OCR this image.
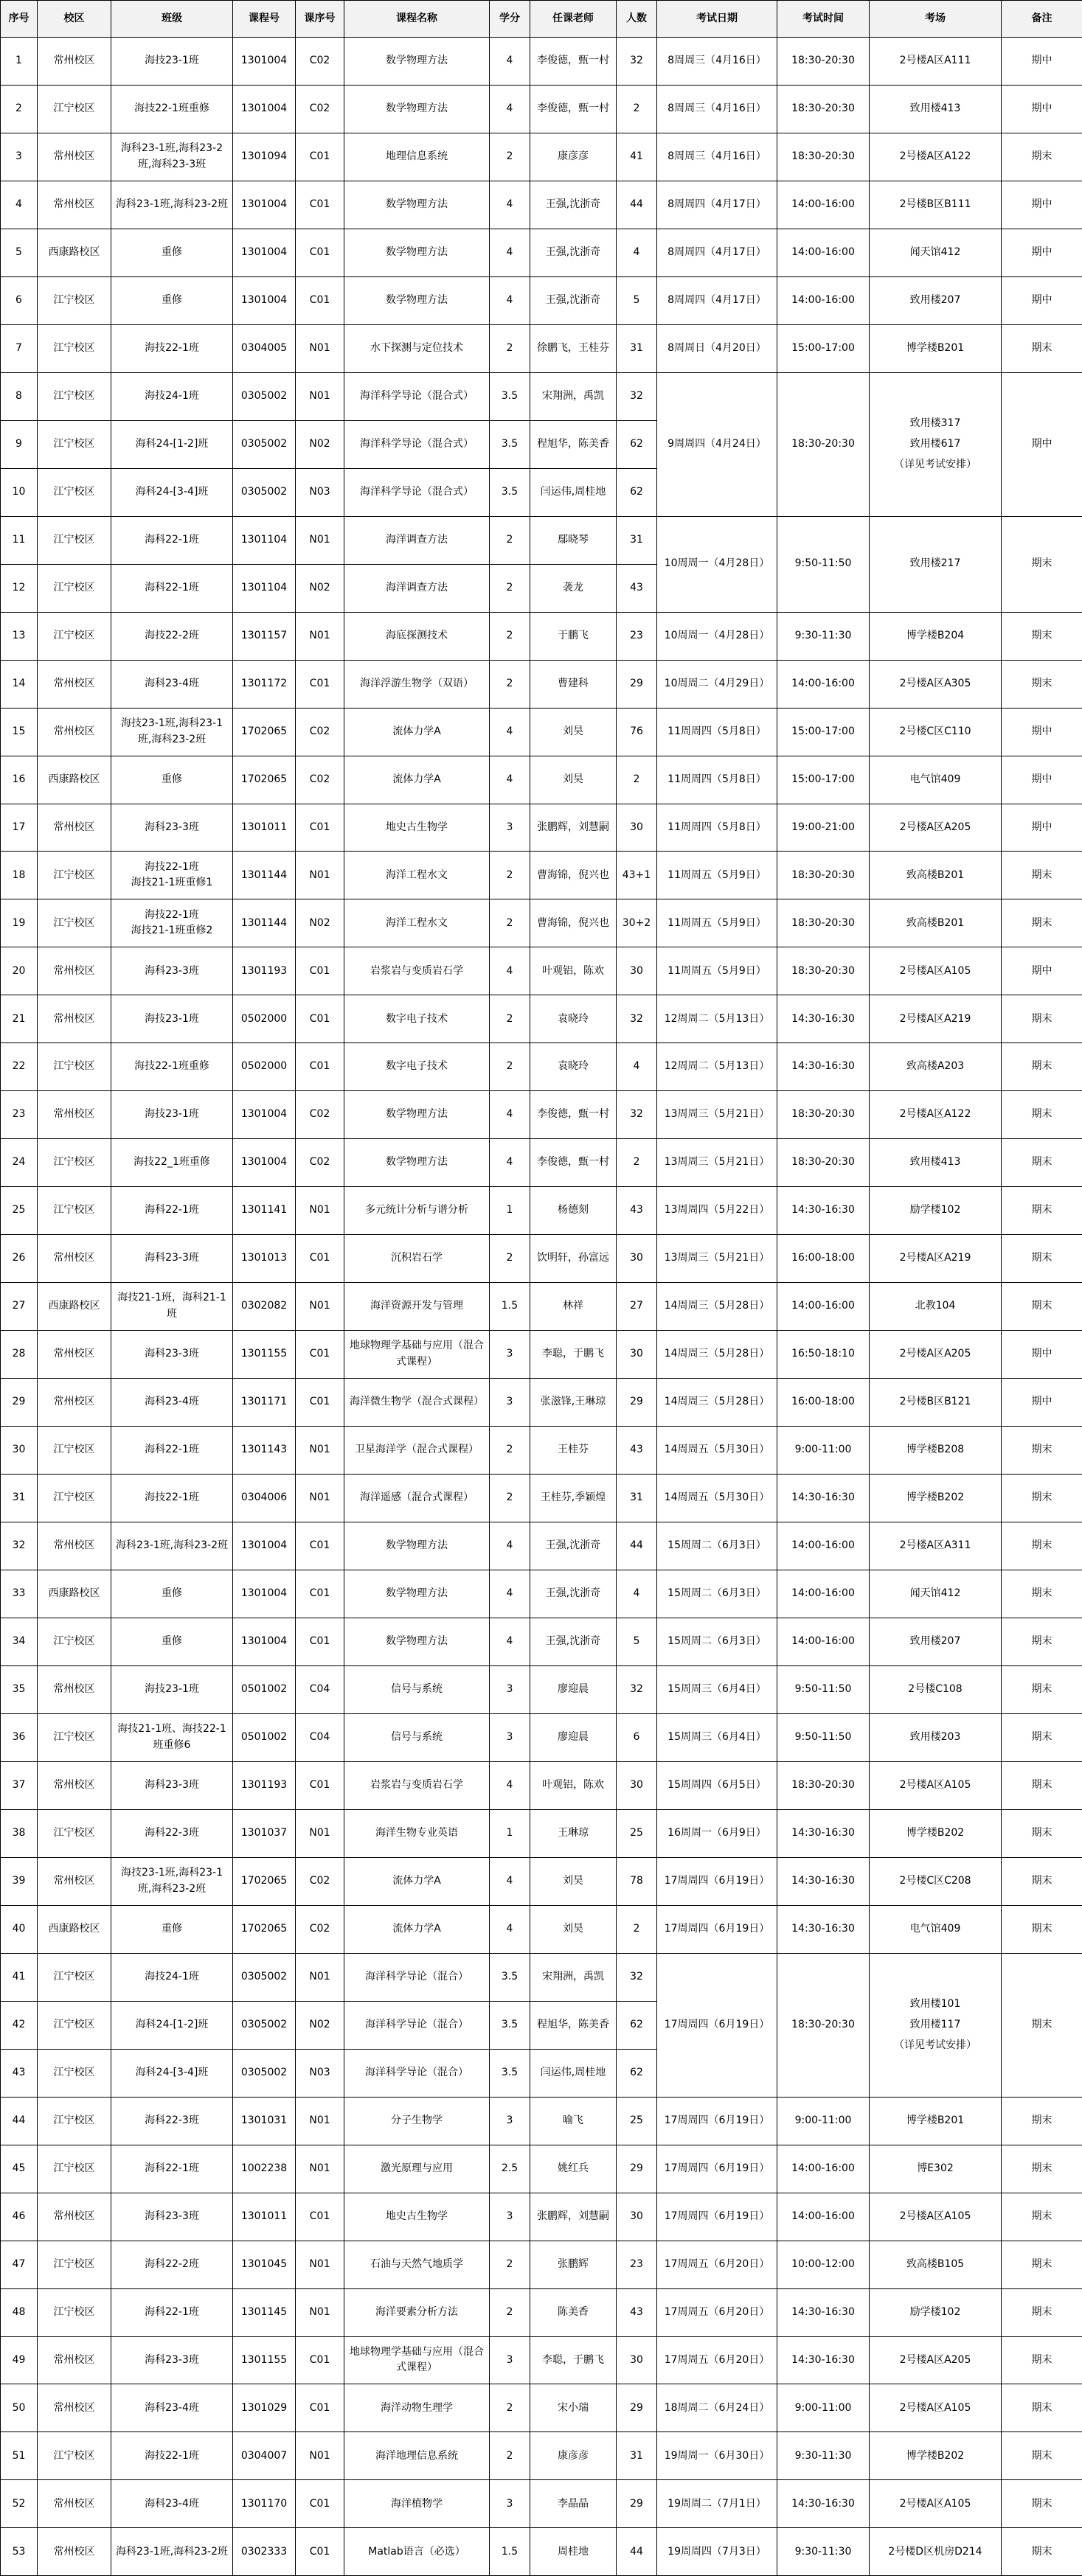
序号	校区	班级	课程号	课序号	课程名称	学分	任课老师	人数	考试日期	考试时间	考场	备注
1	常州校区	海技23-1班	1301004	C02	数学物理方法	4	李俊德，甄一村	32	8周周三（4月16日）	18:30-20:30	2号楼A区A111	期中
2	江宁校区	海技22-1班重修	1301004	C02	数学物理方法	4	李俊德，甄一村	2	8周周三（4月16日）	18:30-20:30	致用楼413	期中
3	常州校区	海科23-1班,海科23-2班,海科23-3班	1301094	C01	地理信息系统	2	康彦彦	41	8周周三（4月16日）	18:30-20:30	2号楼A区A122	期末
4	常州校区	海科23-1班,海科23-2班	1301004	C01	数学物理方法	4	王强,沈浙奇	44	8周周四（4月17日）	14:00-16:00	2号楼B区B111	期中
5	西康路校区	重修	1301004	C01	数学物理方法	4	王强,沈浙奇	4	8周周四（4月17日）	14:00-16:00	闻天馆412	期中
6	江宁校区	重修	1301004	C01	数学物理方法	4	王强,沈浙奇	5	8周周四（4月17日）	14:00-16:00	致用楼207	期中
7	江宁校区	海技22-1班	0304005	N01	水下探测与定位技术	2	徐鹏飞，王桂芬	31	8周周日（4月20日）	15:00-17:00	博学楼B201	期末
8	江宁校区	海技24-1班	0305002	N01	海洋科学导论（混合式）	3.5	宋翔洲，禹凯	32	9周周四（4月24日）	18:30-20:30	致用楼317
致用楼617
（详见考试安排）	期中
9	江宁校区	海科24-[1-2]班	0305002	N02	海洋科学导论（混合式）	3.5	程旭华，陈美香	62				
10	江宁校区	海科24-[3-4]班	0305002	N03	海洋科学导论（混合式）	3.5	闫运伟,周桂地	62				
11	江宁校区	海科22-1班	1301104	N01	海洋调查方法	2	鄢晓琴	31	10周周一（4月28日）	9:50-11:50	致用楼217	期末
12	江宁校区	海科22-1班	1301104	N02	海洋调查方法	2	袭龙	43				
13	江宁校区	海技22-2班	1301157	N01	海底探测技术	2	于鹏飞	23	10周周一（4月28日）	9:30-11:30	博学楼B204	期末
14	常州校区	海科23-4班	1301172	C01	海洋浮游生物学（双语）	2	曹建科	29	10周周二（4月29日）	14:00-16:00	2号楼A区A305	期末
15	常州校区	海技23-1班,海科23-1班,海科23-2班	1702065	C02	流体力学A	4	刘昊	76	11周周四（5月8日）	15:00-17:00	2号楼C区C110	期中
16	西康路校区	重修	1702065	C02	流体力学A	4	刘昊	2	11周周四（5月8日）	15:00-17:00	电气馆409	期中
17	常州校区	海科23-3班	1301011	C01	地史古生物学	3	张鹏辉，刘慧嗣	30	11周周四（5月8日）	19:00-21:00	2号楼A区A205	期中
18	江宁校区	海技22-1班
海技21-1班重修1	1301144	N01	海洋工程水文	2	曹海锦，倪兴也	43+1	11周周五（5月9日）	18:30-20:30	致高楼B201	期末
19	江宁校区	海技22-1班
海技21-1班重修2	1301144	N02	海洋工程水文	2	曹海锦，倪兴也	30+2	11周周五（5月9日）	18:30-20:30	致高楼B201	期末
20	常州校区	海科23-3班	1301193	C01	岩浆岩与变质岩石学	4	叶观铝，陈欢	30	11周周五（5月9日）	18:30-20:30	2号楼A区A105	期中
21	常州校区	海技23-1班	0502000	C01	数字电子技术	2	袁晓玲	32	12周周二（5月13日）	14:30-16:30	2号楼A区A219	期末
22	江宁校区	海技22-1班重修	0502000	C01	数字电子技术	2	袁晓玲	4	12周周二（5月13日）	14:30-16:30	致高楼A203	期末
23	常州校区	海技23-1班	1301004	C02	数学物理方法	4	李俊德，甄一村	32	13周周三（5月21日）	18:30-20:30	2号楼A区A122	期末
24	江宁校区	海技22_1班重修	1301004	C02	数学物理方法	4	李俊德，甄一村	2	13周周三（5月21日）	18:30-20:30	致用楼413	期末
25	江宁校区	海科22-1班	1301141	N01	多元统计分析与谱分析	1	杨德刻	43	13周周四（5月22日）	14:30-16:30	励学楼102	期末
26	常州校区	海科23-3班	1301013	C01	沉积岩石学	2	饮明轩，孙富远	30	13周周三（5月21日）	16:00-18:00	2号楼A区A219	期末
27	西康路校区	海技21-1班，海科21-1班	0302082	N01	海洋资源开发与管理	1.5	林祥	27	14周周三（5月28日）	14:00-16:00	北教104	期末
28	常州校区	海科23-3班	1301155	C01	地球物理学基础与应用（混合式课程）	3	李聪，于鹏飞	30	14周周三（5月28日）	16:50-18:10	2号楼A区A205	期中
29	常州校区	海科23-4班	1301171	C01	海洋微生物学（混合式课程）	3	张滋锋,王琳琼	29	14周周三（5月28日）	16:00-18:00	2号楼B区B121	期中
30	江宁校区	海科22-1班	1301143	N01	卫星海洋学（混合式课程）	2	王桂芬	43	14周周五（5月30日）	9:00-11:00	博学楼B208	期末
31	江宁校区	海技22-1班	0304006	N01	海洋遥感（混合式课程）	2	王桂芬,季颖煌	31	14周周五（5月30日）	14:30-16:30	博学楼B202	期末
32	常州校区	海科23-1班,海科23-2班	1301004	C01	数学物理方法	4	王强,沈浙奇	44	15周周二（6月3日）	14:00-16:00	2号楼A区A311	期末
33	西康路校区	重修	1301004	C01	数学物理方法	4	王强,沈浙奇	4	15周周二（6月3日）	14:00-16:00	闻天馆412	期末
34	江宁校区	重修	1301004	C01	数学物理方法	4	王强,沈浙奇	5	15周周二（6月3日）	14:00-16:00	致用楼207	期末
35	常州校区	海技23-1班	0501002	C04	信号与系统	3	廖迎晨	32	15周周三（6月4日）	9:50-11:50	2号楼C108	期末
36	江宁校区	海技21-1班、海技22-1班重修6	0501002	C04	信号与系统	3	廖迎晨	6	15周周三（6月4日）	9:50-11:50	致用楼203	期末
37	常州校区	海科23-3班	1301193	C01	岩浆岩与变质岩石学	4	叶观铝，陈欢	30	15周周四（6月5日）	18:30-20:30	2号楼A区A105	期末
38	江宁校区	海科22-3班	1301037	N01	海洋生物专业英语	1	王琳琼	25	16周周一（6月9日）	14:30-16:30	博学楼B202	期末
39	常州校区	海技23-1班,海科23-1班,海科23-2班	1702065	C02	流体力学A	4	刘昊	78	17周周四（6月19日）	14:30-16:30	2号楼C区C208	期末
40	西康路校区	重修	1702065	C02	流体力学A	4	刘昊	2	17周周四（6月19日）	14:30-16:30	电气馆409	期末
41	江宁校区	海技24-1班	0305002	N01	海洋科学导论（混合）	3.5	宋翔洲，禹凯	32	17周周四（6月19日）	18:30-20:30	致用楼101
致用楼117
（详见考试安排）	期末
42	江宁校区	海科24-[1-2]班	0305002	N02	海洋科学导论（混合）	3.5	程旭华，陈美香	62				
43	江宁校区	海科24-[3-4]班	0305002	N03	海洋科学导论（混合）	3.5	闫运伟,周桂地	62				
44	江宁校区	海科22-3班	1301031	N01	分子生物学	3	喻飞	25	17周周四（6月19日）	9:00-11:00	博学楼B201	期末
45	江宁校区	海科22-1班	1002238	N01	激光原理与应用	2.5	姚红兵	29	17周周四（6月19日）	14:00-16:00	博E302	期末
46	常州校区	海科23-3班	1301011	C01	地史古生物学	3	张鹏辉，刘慧嗣	30	17周周四（6月19日）	14:00-16:00	2号楼A区A105	期末
47	江宁校区	海科22-2班	1301045	N01	石油与天然气地质学	2	张鹏辉	23	17周周五（6月20日）	10:00-12:00	致高楼B105	期末
48	江宁校区	海科22-1班	1301145	N01	海洋要素分析方法	2	陈美香	43	17周周五（6月20日）	14:30-16:30	励学楼102	期末
49	常州校区	海科23-3班	1301155	C01	地球物理学基础与应用（混合式课程）	3	李聪，于鹏飞	30	17周周五（6月20日）	14:30-16:30	2号楼A区A205	期末
50	常州校区	海科23-4班	1301029	C01	海洋动物生理学	2	宋小瑞	29	18周周二（6月24日）	9:00-11:00	2号楼A区A105	期末
51	江宁校区	海技22-1班	0304007	N01	海洋地理信息系统	2	康彦彦	31	19周周一（6月30日）	9:30-11:30	博学楼B202	期末
52	常州校区	海科23-4班	1301170	C01	海洋植物学	3	李晶晶	29	19周周二（7月1日）	14:30-16:30	2号楼A区A105	期末
53	常州校区	海科23-1班,海科23-2班	0302333	C01	Matlab语言（必选）	1.5	周桂地	44	19周周四（7月3日）	9:30-11:30	2号楼D区机房D214	期末
